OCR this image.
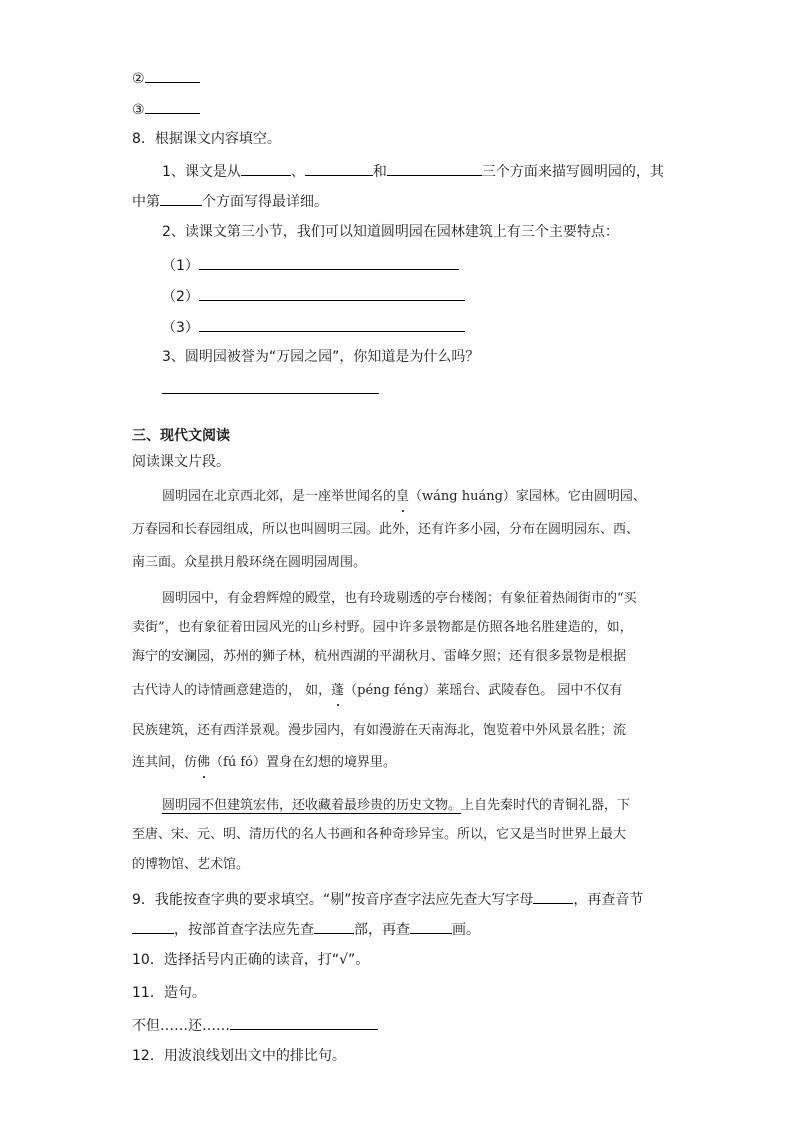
②
③
8．根据课文内容填空。
1、课文是从	、	和	三个方面来描写圆明园的，其
中第	个方面写得最详细。
2、读课文第三小节，我们可以知道圆明园在园林建筑上有三个主要特点：
（1）
（2）
（3）
3、圆明园被誉为“万园之园”，你知道是为什么吗？
三、现代文阅读
阅读课文片段。
圆明园在北京西北郊，是一座举世闻名的皇（wáng huáng）家园林。它由圆明园、
万春园和长春园组成，所以也叫圆明三园。此外，还有许多小园，分布在圆明园东、西、
南三面。众星拱月般环绕在圆明园周围。
圆明园中，有金碧辉煌的殿堂，也有玲珑剔透的亭台楼阁；有象征着热闹街市的“买
卖街”，也有象征着田园风光的山乡村野。园中许多景物都是仿照各地名胜建造的，如，
海宁的安澜园，苏州的狮子林，杭州西湖的平湖秋月、雷峰夕照；还有很多景物是根据
古代诗人的诗情画意建造的， 如，蓬（péng féng）莱瑶台、武陵春色。 园中不仅有
民族建筑，还有西洋景观。漫步园内，有如漫游在天南海北，饱览着中外风景名胜；流
连其间，仿佛（fú fó）置身在幻想的境界里。
圆明园不但建筑宏伟，还收藏着最珍贵的历史文物。上自先秦时代的青铜礼器，下
至唐、宋、元、明、清历代的名人书画和各种奇珍异宝。所以，它又是当时世界上最大
的博物馆、艺术馆。
9．我能按查字典的要求填空。“剔”按音序查字法应先查大写字母	，再查音节
，按部首查字法应先查	部，再查	画。
10．选择括号内正确的读音，打“√”。
11．造句。
不但……还……
12．用波浪线划出文中的排比句。
